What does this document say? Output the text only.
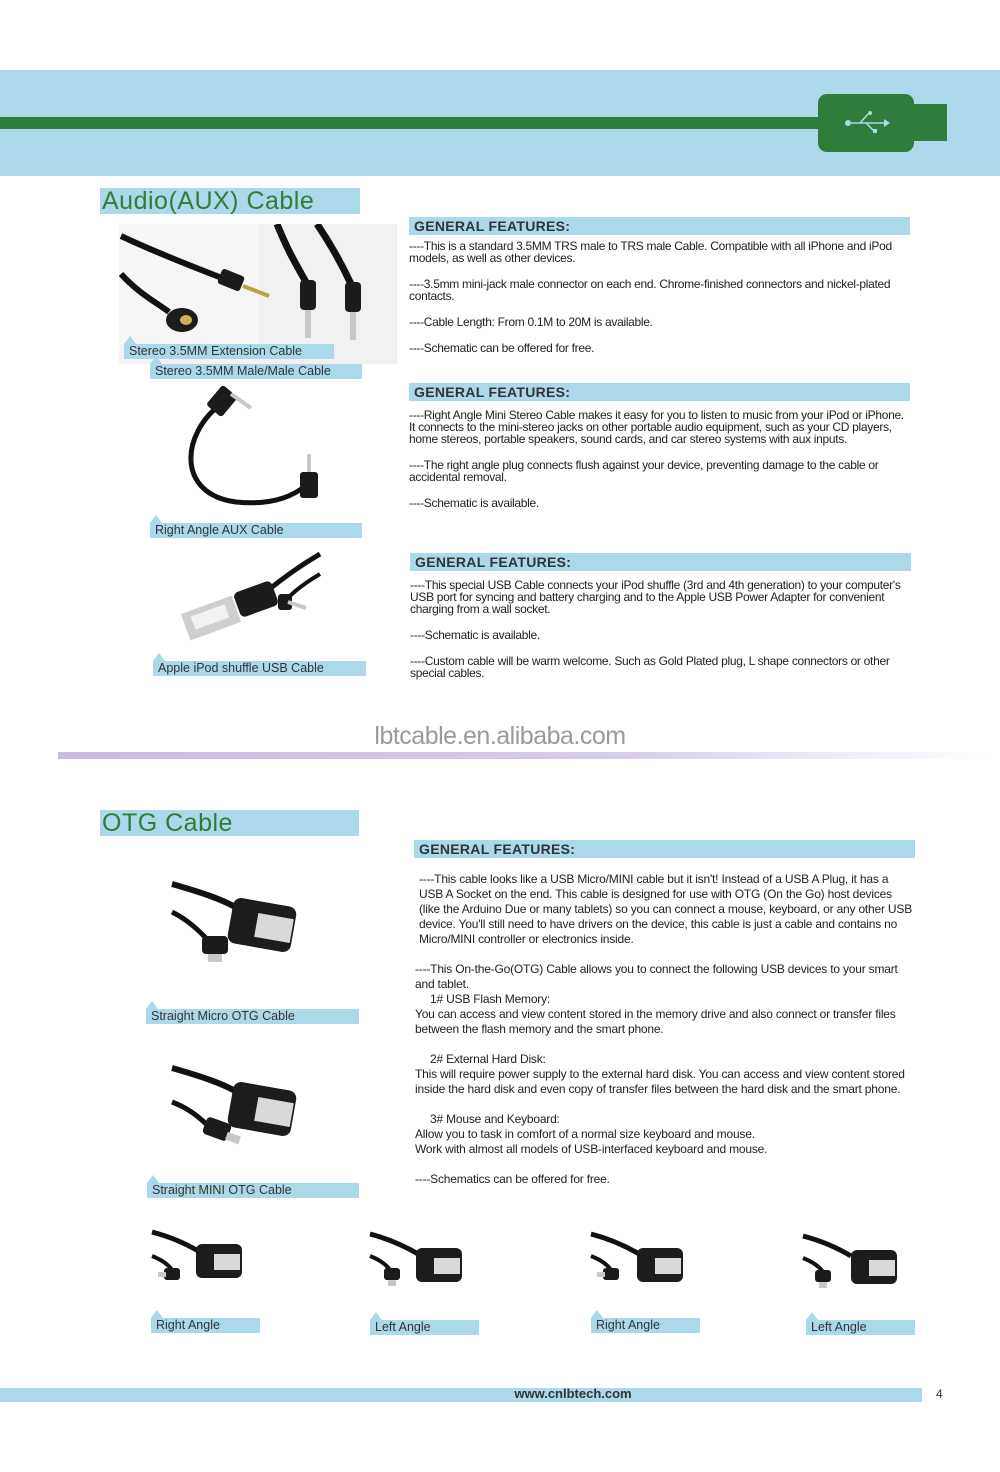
Audio(AUX) Cable
Stereo 3.5MM Extension Cable
Stereo 3.5MM Male/Male Cable
Right Angle AUX Cable
Apple iPod shuffle USB Cable
GENERAL FEATURES:

----This is a standard 3.5MM TRS male to TRS male Cable. Compatible with all iPhone and iPod models, as well as other devices.

----3.5mm mini-jack male connector on each end. Chrome-finished connectors and nickel-plated contacts.

----Cable Length: From 0.1M to 20M is available.

----Schematic can be offered for free.

GENERAL FEATURES:

----Right Angle Mini Stereo Cable makes it easy for you to listen to music from your iPod or iPhone. It connects to the mini-stereo jacks on other portable audio equipment, such as your CD players, home stereos, portable speakers, sound cards, and car stereo systems with aux inputs.

----The right angle plug connects flush against your device, preventing damage to the cable or accidental removal.

----Schematic is available.

GENERAL FEATURES:

----This special USB Cable connects your iPod shuffle (3rd and 4th generation) to your computer's USB port for syncing and battery charging and to the Apple USB Power Adapter for convenient charging from a wall socket.

----Schematic is available.

----Custom cable will be warm welcome. Such as Gold Plated plug, L shape connectors or other special cables.

lbtcable.en.alibaba.com
OTG Cable
Straight Micro OTG Cable
Straight MINI OTG Cable
GENERAL FEATURES:

----This cable looks like a USB Micro/MINI cable but it isn't! Instead of a USB A Plug, it has a USB A Socket on the end. This cable is designed for use with OTG (On the Go) host devices (like the Arduino Due or many tablets) so you can connect a mouse, keyboard, or any other USB device. You'll still need to have drivers on the device, this cable is just a cable and contains no Micro/MINI controller or electronics inside.

----This On-the-Go(OTG) Cable allows you to connect the following USB devices to your smart and tablet.

1# USB Flash Memory:

You can access and view content stored in the memory drive and also connect or transfer files between the flash memory and the smart phone.

2# External Hard Disk:

This will require power supply to the external hard disk. You can access and view content stored inside the hard disk and even copy of transfer files between the hard disk and the smart phone.

3# Mouse and Keyboard:
Allow you to task in comfort of a normal size keyboard and mouse.

Work with almost all models of USB-interfaced keyboard and mouse.

----Schematics can be offered for free.

Right Angle	Left Angle	Right Angle	Left Angle
www.cnlbtech.com	4
